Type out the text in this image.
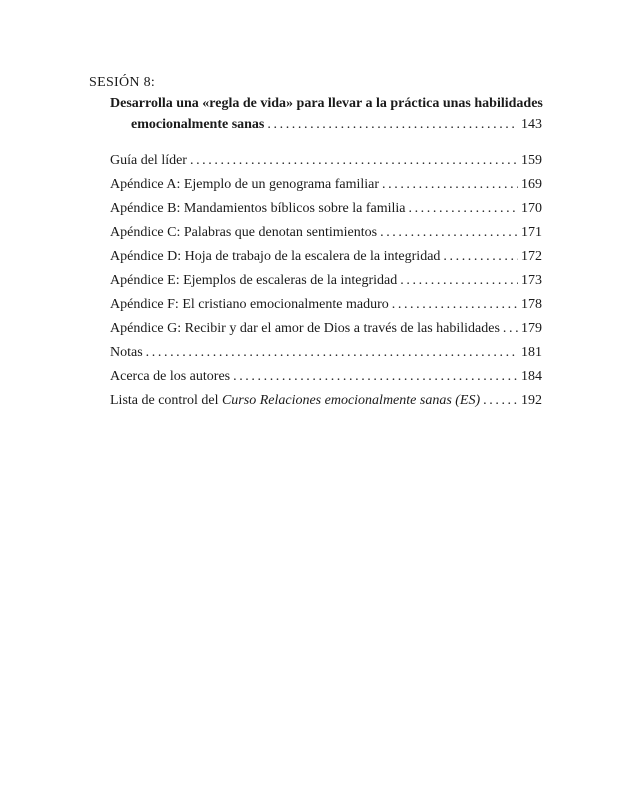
SESIÓN 8:
Desarrolla una «regla de vida» para llevar a la práctica unas habilidades
emocionalmente sanas .....	143
Guía del líder .....	159
Apéndice A: Ejemplo de un genograma familiar .....	169
Apéndice B: Mandamientos bíblicos sobre la familia .....	170
Apéndice C: Palabras que denotan sentimientos .....	171
Apéndice D: Hoja de trabajo de la escalera de la integridad .....	172
Apéndice E: Ejemplos de escaleras de la integridad .....	173
Apéndice F: El cristiano emocionalmente maduro .....	178
Apéndice G: Recibir y dar el amor de Dios a través de las habilidades ..... 179
Notas .....	181
Acerca de los autores .....	184
Lista de control del Curso Relaciones emocionalmente sanas (ES) .....	192
